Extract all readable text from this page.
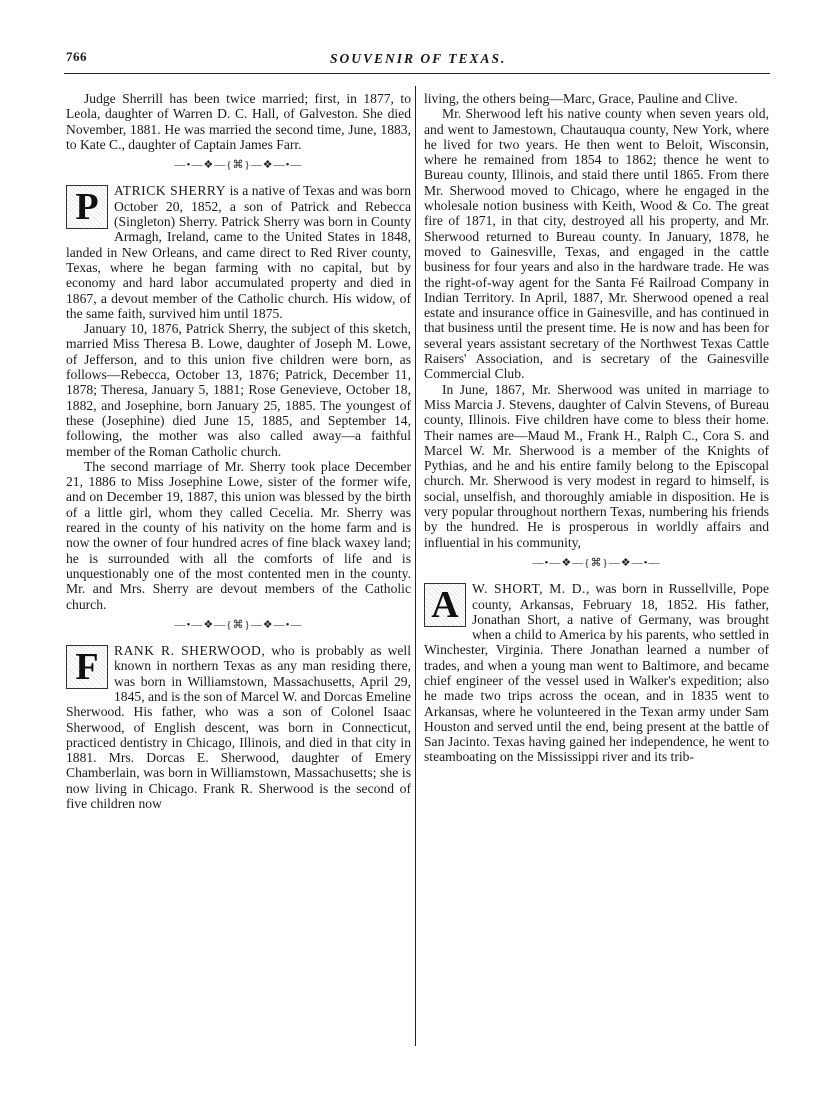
766	SOUVENIR OF TEXAS.

Judge Sherrill has been twice married; first, in 1877, to Leola, daughter of Warren D. C. Hall, of Galveston. She died November, 1881. He was married the second time, June, 1883, to Kate C., daughter of Captain James Farr.

—•—❖—{⌘}—❖—•—

P	ATRICK SHERRY is a native of Texas and was born October 20, 1852, a son of Patrick and Rebecca (Singleton) Sherry. Patrick Sherry was born in County Armagh, Ireland, came to the United States in 1848, landed in New Orleans, and came direct to Red River county, Texas, where he began farming with no capital, but by economy and hard labor accumulated property and died in 1867, a devout member of the Catholic church. His widow, of the same faith, survived him until 1875.

January 10, 1876, Patrick Sherry, the subject of this sketch, married Miss Theresa B. Lowe, daughter of Joseph M. Lowe, of Jefferson, and to this union five children were born, as follows—Rebecca, October 13, 1876; Patrick, December 11, 1878; Theresa, January 5, 1881; Rose Genevieve, October 18, 1882, and Josephine, born January 25, 1885. The youngest of these (Josephine) died June 15, 1885, and September 14, following, the mother was also called away—a faithful member of the Roman Catholic church.

The second marriage of Mr. Sherry took place December 21, 1886 to Miss Josephine Lowe, sister of the former wife, and on December 19, 1887, this union was blessed by the birth of a little girl, whom they called Cecelia. Mr. Sherry was reared in the county of his nativity on the home farm and is now the owner of four hundred acres of fine black waxey land; he is surrounded with all the comforts of life and is unquestionably one of the most contented men in the county. Mr. and Mrs. Sherry are devout members of the Catholic church.

—•—❖—{⌘}—❖—•—

F	RANK R. SHERWOOD, who is probably as well known in northern Texas as any man residing there, was born in Williamstown, Massachusetts, April 29, 1845, and is the son of Marcel W. and Dorcas Emeline Sherwood. His father, who was a son of Colonel Isaac Sherwood, of English descent, was born in Connecticut, practiced dentistry in Chicago, Illinois, and died in that city in 1881. Mrs. Dorcas E. Sherwood, daughter of Emery Chamberlain, was born in Williamstown, Massachusetts; she is now living in Chicago. Frank R. Sherwood is the second of five children now

living, the others being—Marc, Grace, Pauline and Clive.

Mr. Sherwood left his native county when seven years old, and went to Jamestown, Chautauqua county, New York, where he lived for two years. He then went to Beloit, Wisconsin, where he remained from 1854 to 1862; thence he went to Bureau county, Illinois, and staid there until 1865. From there Mr. Sherwood moved to Chicago, where he engaged in the wholesale notion business with Keith, Wood & Co. The great fire of 1871, in that city, destroyed all his property, and Mr. Sherwood returned to Bureau county. In January, 1878, he moved to Gainesville, Texas, and engaged in the cattle business for four years and also in the hardware trade. He was the right-of-way agent for the Santa Fé Railroad Company in Indian Territory. In April, 1887, Mr. Sherwood opened a real estate and insurance office in Gainesville, and has continued in that business until the present time. He is now and has been for several years assistant secretary of the Northwest Texas Cattle Raisers' Association, and is secretary of the Gainesville Commercial Club.

In June, 1867, Mr. Sherwood was united in marriage to Miss Marcia J. Stevens, daughter of Calvin Stevens, of Bureau county, Illinois. Five children have come to bless their home. Their names are—Maud M., Frank H., Ralph C., Cora S. and Marcel W. Mr. Sherwood is a member of the Knights of Pythias, and he and his entire family belong to the Episcopal church. Mr. Sherwood is very modest in regard to himself, is social, unselfish, and thoroughly amiable in disposition. He is very popular throughout northern Texas, numbering his friends by the hundred. He is prosperous in worldly affairs and influential in his community,

—•—❖—{⌘}—❖—•—

A W. SHORT, M. D., was born in Russellville, Pope county, Arkansas, February 18, 1852. His father, Jonathan Short, a native of Germany, was brought when a child to America by his parents, who settled in Winchester, Virginia. There Jonathan learned a number of trades, and when a young man went to Baltimore, and became chief engineer of the vessel used in Walker's expedition; also he made two trips across the ocean, and in 1835 went to Arkansas, where he volunteered in the Texan army under Sam Houston and served until the end, being present at the battle of San Jacinto. Texas having gained her independence, he went to steamboating on the Mississippi river and its trib-
